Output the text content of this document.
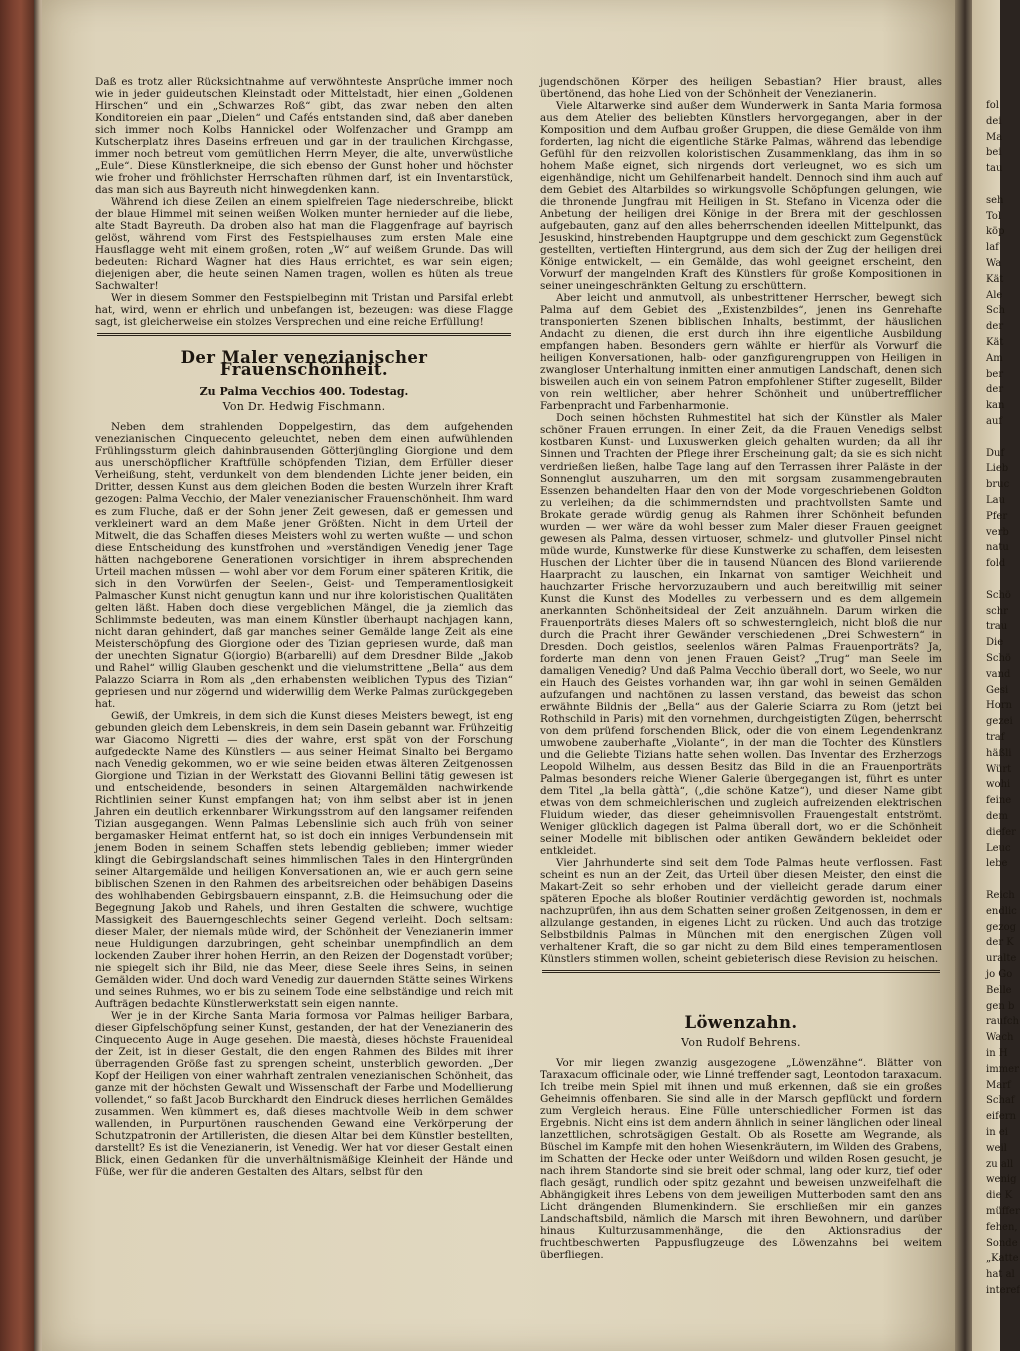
fol
dei
Ma
bei
tau
seh
Tol
köp
laf
Wa
Kät
Ale
Sch
der
Kät
Am
ber
der
kan
auf
Duf
Lieb
bruc
Lau
Pfer
verb
natu
fold
Schö
schr
trau
Die
Schö
vand
Gesi
Horn
gezei
traf
häßli
Würt
wohi
feine
dem
diefer
Leuc
lebe
Reich
endlic
gezog
der K
uralte
jo Go
Belle
gen b
raufch
Wach
in H
immer
Marf
Schaf
eifern
in ei
weil
zu all
wenig
die K
müffer
fehen,
Sonde
„Katte
hat al
interef

Daß es trotz aller Rücksichtnahme auf verwöhnteste Ansprüche immer noch wie in jeder guideutschen Kleinstadt oder Mittelstadt, hier einen „Goldenen Hirschen“ und ein „Schwarzes Roß“ gibt, das zwar neben den alten Konditoreien ein paar „Dielen“ und Cafés entstanden sind, daß aber daneben sich immer noch Kolbs Hannickel oder Wolfenzacher und Grampp am Kutscherplatz ihres Daseins erfreuen und gar in der traulichen Kirchgasse, immer noch betreut vom gemütlichen Herrn Meyer, die alte, unverwüstliche „Eule“. Diese Künstlerkneipe, die sich ebenso der Gunst hoher und höchster wie froher und fröhlichster Herrschaften rühmen darf, ist ein Inventarstück, das man sich aus Bayreuth nicht hinwegdenken kann.

Während ich diese Zeilen an einem spielfreien Tage niederschreibe, blickt der blaue Himmel mit seinen weißen Wolken munter hernieder auf die liebe, alte Stadt Bayreuth. Da droben also hat man die Flaggenfrage auf bayrisch gelöst, während vom First des Festspielhauses zum ersten Male eine Hausflagge weht mit einem großen, roten „W“ auf weißem Grunde. Das will bedeuten: Richard Wagner hat dies Haus errichtet, es war sein eigen; diejenigen aber, die heute seinen Namen tragen, wollen es hüten als treue Sachwalter!

Wer in diesem Sommer den Festspielbeginn mit Tristan und Parsifal erlebt hat, wird, wenn er ehrlich und unbefangen ist, bezeugen: was diese Flagge sagt, ist gleicherweise ein stolzes Versprechen und eine reiche Erfüllung!

Der Maler venezianischer Frauenschönheit.
Zu Palma Vecchios 400. Todestag.
Von Dr. Hedwig Fischmann.

Neben dem strahlenden Doppelgestirn, das dem aufgehenden venezianischen Cinquecento geleuchtet, neben dem einen aufwühlenden Frühlingssturm gleich dahinbrausenden Götterjüngling Giorgione und dem aus unerschöpflicher Kraftfülle schöpfenden Tizian, dem Erfüller dieser Verheißung, steht, verdunkelt von dem blendenden Lichte jener beiden, ein Dritter, dessen Kunst aus dem gleichen Boden die besten Wurzeln ihrer Kraft gezogen: Palma Vecchio, der Maler venezianischer Frauenschönheit. Ihm ward es zum Fluche, daß er der Sohn jener Zeit gewesen, daß er gemessen und verkleinert ward an dem Maße jener Größten. Nicht in dem Urteil der Mitwelt, die das Schaffen dieses Meisters wohl zu werten wußte — und schon diese Entscheidung des kunstfrohen und »verständigen Venedig jener Tage hätten nachgeborene Generationen vorsichtiger in ihrem absprechenden Urteil machen müssen — wohl aber vor dem Forum einer späteren Kritik, die sich in den Vorwürfen der Seelen-, Geist- und Temperamentlosigkeit Palmascher Kunst nicht genugtun kann und nur ihre koloristischen Qualitäten gelten läßt. Haben doch diese vergeblichen Mängel, die ja ziemlich das Schlimmste bedeuten, was man einem Künstler überhaupt nachjagen kann, nicht daran gehindert, daß gar manches seiner Gemälde lange Zeit als eine Meisterschöpfung des Giorgione oder des Tizian gepriesen wurde, daß man der unechten Signatur G(iorgio) B(arbarelli) auf dem Dresdner Bilde „Jakob und Rahel“ willig Glauben geschenkt und die vielumstrittene „Bella“ aus dem Palazzo Sciarra in Rom als „den erhabensten weiblichen Typus des Tizian“ gepriesen und nur zögernd und widerwillig dem Werke Palmas zurückgegeben hat.

Gewiß, der Umkreis, in dem sich die Kunst dieses Meisters bewegt, ist eng gebunden gleich dem Lebenskreis, in dem sein Dasein gebannt war. Frühzeitig war Giacomo Nigretti — dies der wahre, erst spät von der Forschung aufgedeckte Name des Künstlers — aus seiner Heimat Sinalto bei Bergamo nach Venedig gekommen, wo er wie seine beiden etwas älteren Zeitgenossen Giorgione und Tizian in der Werkstatt des Giovanni Bellini tätig gewesen ist und entscheidende, besonders in seinen Altargemälden nachwirkende Richtlinien seiner Kunst empfangen hat; von ihm selbst aber ist in jenen Jahren ein deutlich erkennbarer Wirkungsstrom auf den langsamer reifenden Tizian ausgegangen. Wenn Palmas Lebenslinie sich auch früh von seiner bergamasker Heimat entfernt hat, so ist doch ein inniges Verbundensein mit jenem Boden in seinem Schaffen stets lebendig geblieben; immer wieder klingt die Gebirgslandschaft seines himmlischen Tales in den Hintergründen seiner Altargemälde und heiligen Konversationen an, wie er auch gern seine biblischen Szenen in den Rahmen des arbeitsreichen oder behäbigen Daseins des wohlhabenden Gebirgsbauern einspannt, z.B. die Heimsuchung oder die Begegnung Jakob und Rahels, und ihren Gestalten die schwere, wuchtige Massigkeit des Bauerngeschlechts seiner Gegend verleiht. Doch seltsam: dieser Maler, der niemals müde wird, der Schönheit der Venezianerin immer neue Huldigungen darzubringen, geht scheinbar unempfindlich an dem lockenden Zauber ihrer hohen Herrin, an den Reizen der Dogenstadt vorüber; nie spiegelt sich ihr Bild, nie das Meer, diese Seele ihres Seins, in seinen Gemälden wider. Und doch ward Venedig zur dauernden Stätte seines Wirkens und seines Ruhmes, wo er bis zu seinem Tode eine selbständige und reich mit Aufträgen bedachte Künstlerwerkstatt sein eigen nannte.

Wer je in der Kirche Santa Maria formosa vor Palmas heiliger Barbara, dieser Gipfelschöpfung seiner Kunst, gestanden, der hat der Venezianerin des Cinquecento Auge in Auge gesehen. Die maestà, dieses höchste Frauenideal der Zeit, ist in dieser Gestalt, die den engen Rahmen des Bildes mit ihrer überragenden Größe fast zu sprengen scheint, unsterblich geworden. „Der Kopf der Heiligen von einer wahrhaft zentralen venezianischen Schönheit, das ganze mit der höchsten Gewalt und Wissenschaft der Farbe und Modellierung vollendet,“ so faßt Jacob Burckhardt den Eindruck dieses herrlichen Gemäldes zusammen. Wen kümmert es, daß dieses machtvolle Weib in dem schwer wallenden, in Purpurtönen rauschenden Gewand eine Verkörperung der Schutzpatronin der Artilleristen, die diesen Altar bei dem Künstler bestellten, darstellt? Es ist die Venezianerin, ist Venedig. Wer hat vor dieser Gestalt einen Blick, einen Gedanken für die unverhältnismäßige Kleinheit der Hände und Füße, wer für die anderen Gestalten des Altars, selbst für den

jugendschönen Körper des heiligen Sebastian? Hier braust, alles übertönend, das hohe Lied von der Schönheit der Venezianerin.

Viele Altarwerke sind außer dem Wunderwerk in Santa Maria formosa aus dem Atelier des beliebten Künstlers hervorgegangen, aber in der Komposition und dem Aufbau großer Gruppen, die diese Gemälde von ihm forderten, lag nicht die eigentliche Stärke Palmas, während das lebendige Gefühl für den reizvollen koloristischen Zusammenklang, das ihm in so hohem Maße eignet, sich nirgends dort verleugnet, wo es sich um eigenhändige, nicht um Gehilfenarbeit handelt. Dennoch sind ihm auch auf dem Gebiet des Altarbildes so wirkungsvolle Schöpfungen gelungen, wie die thronende Jungfrau mit Heiligen in St. Stefano in Vicenza oder die Anbetung der heiligen drei Könige in der Brera mit der geschlossen aufgebauten, ganz auf den alles beherrschenden ideellen Mittelpunkt, das Jesuskind, hinstrebenden Hauptgruppe und dem geschickt zum Gegenstück gestellten, vertieften Hintergrund, aus dem sich der Zug der heiligen drei Könige entwickelt, — ein Gemälde, das wohl geeignet erscheint, den Vorwurf der mangelnden Kraft des Künstlers für große Kompositionen in seiner uneingeschränkten Geltung zu erschüttern.

Aber leicht und anmutvoll, als unbestrittener Herrscher, bewegt sich Palma auf dem Gebiet des „Existenzbildes“, jenen ins Genrehafte transponierten Szenen biblischen Inhalts, bestimmt, der häuslichen Andacht zu dienen, die erst durch ihn ihre eigentliche Ausbildung empfangen haben. Besonders gern wählte er hierfür als Vorwurf die heiligen Konversationen, halb- oder ganzfigurengruppen von Heiligen in zwangloser Unterhaltung inmitten einer anmutigen Landschaft, denen sich bisweilen auch ein von seinem Patron empfohlener Stifter zugesellt, Bilder von rein weltlicher, aber hehrer Schönheit und unübertrefflicher Farbenpracht und Farbenharmonie.

Doch seinen höchsten Ruhmestitel hat sich der Künstler als Maler schöner Frauen errungen. In einer Zeit, da die Frauen Venedigs selbst kostbaren Kunst- und Luxuswerken gleich gehalten wurden; da all ihr Sinnen und Trachten der Pflege ihrer Erscheinung galt; da sie es sich nicht verdrießen ließen, halbe Tage lang auf den Terrassen ihrer Paläste in der Sonnenglut auszuharren, um den mit sorgsam zusammengebrauten Essenzen behandelten Haar den von der Mode vorgeschriebenen Goldton zu verleihen; da die schimmerndsten und prachtvollsten Samte und Brokate gerade würdig genug als Rahmen ihrer Schönheit befunden wurden — wer wäre da wohl besser zum Maler dieser Frauen geeignet gewesen als Palma, dessen virtuoser, schmelz- und glutvoller Pinsel nicht müde wurde, Kunstwerke für diese Kunstwerke zu schaffen, dem leisesten Huschen der Lichter über die in tausend Nüancen des Blond variierende Haarpracht zu lauschen, ein Inkarnat von samtiger Weichheit und hauchzarter Frische hervorzuzaubern und auch bereitwillig mit seiner Kunst die Kunst des Modelles zu verbessern und es dem allgemein anerkannten Schönheitsideal der Zeit anzuähneln. Darum wirken die Frauenporträts dieses Malers oft so schwesterngleich, nicht bloß die nur durch die Pracht ihrer Gewänder verschiedenen „Drei Schwestern“ in Dresden. Doch geistlos, seelenlos wären Palmas Frauenporträts? Ja, forderte man denn von jenen Frauen Geist? „Trug“ man Seele im damaligen Venedig? Und daß Palma Vecchio überall dort, wo Seele, wo nur ein Hauch des Geistes vorhanden war, ihn gar wohl in seinen Gemälden aufzufangen und nachtönen zu lassen verstand, das beweist das schon erwähnte Bildnis der „Bella“ aus der Galerie Sciarra zu Rom (jetzt bei Rothschild in Paris) mit den vornehmen, durchgeistigten Zügen, beherrscht von dem prüfend forschenden Blick, oder die von einem Legendenkranz umwobene zauberhafte „Violante“, in der man die Tochter des Künstlers und die Geliebte Tizians hatte sehen wollen. Das Inventar des Erzherzogs Leopold Wilhelm, aus dessen Besitz das Bild in die an Frauenporträts Palmas besonders reiche Wiener Galerie übergegangen ist, führt es unter dem Titel „la bella gàttà“, („die schöne Katze“), und dieser Name gibt etwas von dem schmeichlerischen und zugleich aufreizenden elektrischen Fluidum wieder, das dieser geheimnisvollen Frauengestalt entströmt. Weniger glücklich dagegen ist Palma überall dort, wo er die Schönheit seiner Modelle mit biblischen oder antiken Gewändern bekleidet oder entkleidet.

Vier Jahrhunderte sind seit dem Tode Palmas heute verflossen. Fast scheint es nun an der Zeit, das Urteil über diesen Meister, den einst die Makart-Zeit so sehr erhoben und der vielleicht gerade darum einer späteren Epoche als bloßer Routinier verdächtig geworden ist, nochmals nachzuprüfen, ihn aus dem Schatten seiner großen Zeitgenossen, in dem er allzulange gestanden, in eigenes Licht zu rücken. Und auch das trotzige Selbstbildnis Palmas in München mit den energischen Zügen voll verhaltener Kraft, die so gar nicht zu dem Bild eines temperamentlosen Künstlers stimmen wollen, scheint gebieterisch diese Revision zu heischen.

Löwenzahn.
Von Rudolf Behrens.

Vor mir liegen zwanzig ausgezogene „Löwenzähne“. Blätter von Taraxacum officinale oder, wie Linné treffender sagt, Leontodon taraxacum. Ich treibe mein Spiel mit ihnen und muß erkennen, daß sie ein großes Geheimnis offenbaren. Sie sind alle in der Marsch gepflückt und fordern zum Vergleich heraus. Eine Fülle unterschiedlicher Formen ist das Ergebnis. Nicht eins ist dem andern ähnlich in seiner länglichen oder lineal lanzettlichen, schrotsägigen Gestalt. Ob als Rosette am Wegrande, als Büschel im Kampfe mit den hohen Wiesenkräutern, im Wilden des Grabens, im Schatten der Hecke oder unter Weißdorn und wilden Rosen gesucht, je nach ihrem Standorte sind sie breit oder schmal, lang oder kurz, tief oder flach gesägt, rundlich oder spitz gezahnt und beweisen unzweifelhaft die Abhängigkeit ihres Lebens von dem jeweiligen Mutterboden samt den ans Licht drängenden Blumenkindern. Sie erschließen mir ein ganzes Landschaftsbild, nämlich die Marsch mit ihren Bewohnern, und darüber hinaus Kulturzusammenhänge, die den Aktionsradius der fruchtbeschwerten Pappusflugzeuge des Löwenzahns bei weitem überfliegen.
